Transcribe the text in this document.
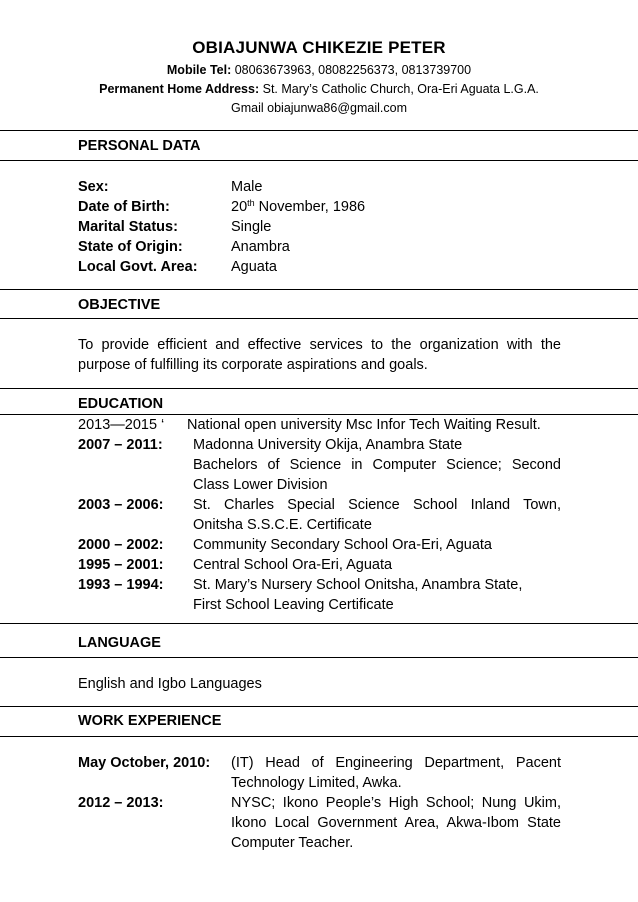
OBIAJUNWA CHIKEZIE PETER
Mobile Tel: 08063673963, 08082256373, 0813739700
Permanent Home Address: St. Mary’s Catholic Church, Ora-Eri Aguata L.G.A.
Gmail obiajunwa86@gmail.com
PERSONAL DATA
Sex:	Male
Date of Birth:	20th November, 1986
Marital Status:	Single
State of Origin:	Anambra
Local Govt. Area: Aguata
OBJECTIVE
To provide efficient and effective services to the organization with the
purpose of fulfilling its corporate aspirations and goals.
EDUCATION
2013—2015 ‘ National open university Msc Infor Tech Waiting Result.
2007 – 2011: Madonna University Okija, Anambra State
Bachelors of Science in Computer Science; Second
Class Lower Division
2003 – 2006: St. Charles Special Science School Inland Town,
Onitsha S.S.C.E. Certificate
2000 – 2002: Community Secondary School Ora-Eri, Aguata
1995 – 2001: Central School Ora-Eri, Aguata
1993 – 1994: St. Mary’s Nursery School Onitsha, Anambra State,
First School Leaving Certificate
LANGUAGE
English and Igbo Languages
WORK EXPERIENCE
May October, 2010: (IT) Head of Engineering Department, Pacent
Technology Limited, Awka.
2012 – 2013:	NYSC; Ikono People’s High School; Nung Ukim,
Ikono Local Government Area, Akwa-Ibom State
Computer Teacher.
